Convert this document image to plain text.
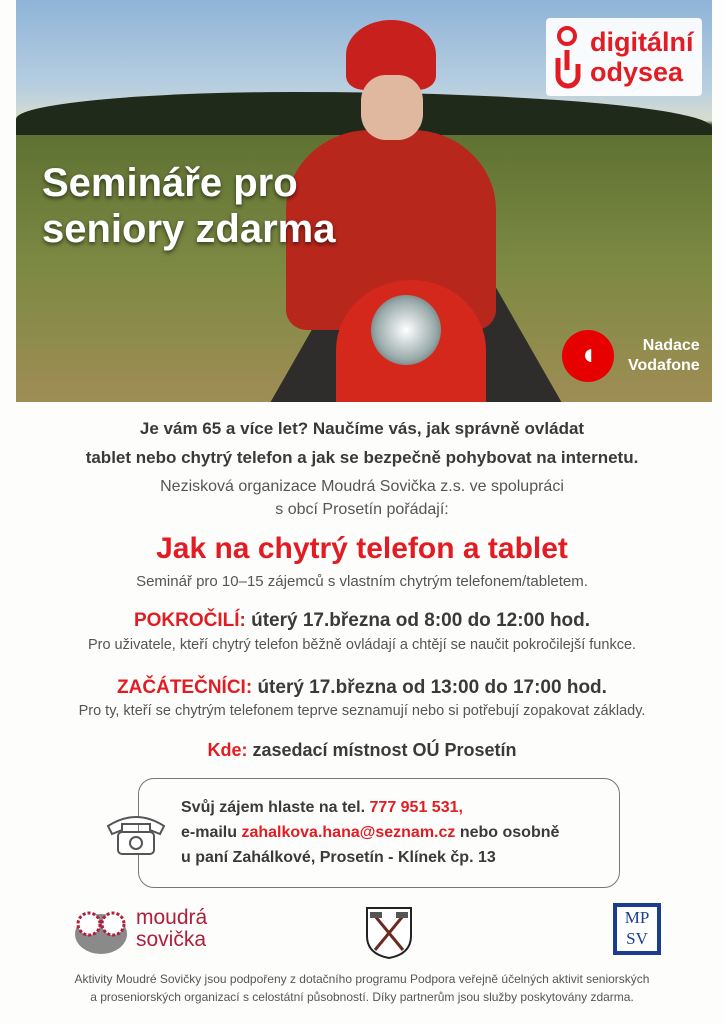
Semináře pro
seniory zdarma
digitální
odysea
◖	Nadace
Vodafone
Je vám 65 a více let? Naučíme vás, jak správně ovládat
tablet nebo chytrý telefon a jak se bezpečně pohybovat na internetu.
Nezisková organizace Moudrá Sovička z.s. ve spolupráci
s obcí Prosetín pořádají:
Jak na chytrý telefon a tablet
Seminář pro 10–15 zájemců s vlastním chytrým telefonem/tabletem.
POKROČILÍ: úterý 17.března od 8:00 do 12:00 hod.
Pro uživatele, kteří chytrý telefon běžně ovládají a chtějí se naučit pokročilejší funkce.
ZAČÁTEČNÍCI: úterý 17.března od 13:00 do 17:00 hod.
Pro ty, kteří se chytrým telefonem teprve seznamují nebo si potřebují zopakovat základy.
Kde: zasedací místnost OÚ Prosetín
Svůj zájem hlaste na tel. 777 951 531,
e-mailu zahalkova.hana@seznam.cz nebo osobně
u paní Zahálkové, Prosetín - Klínek čp. 13
moudrá
sovička
MP
SV
Aktivity Moudré Sovičky jsou podpořeny z dotačního programu Podpora veřejně účelných aktivit seniorských
a proseniorských organizací s celostátní působností. Díky partnerům jsou služby poskytovány zdarma.
